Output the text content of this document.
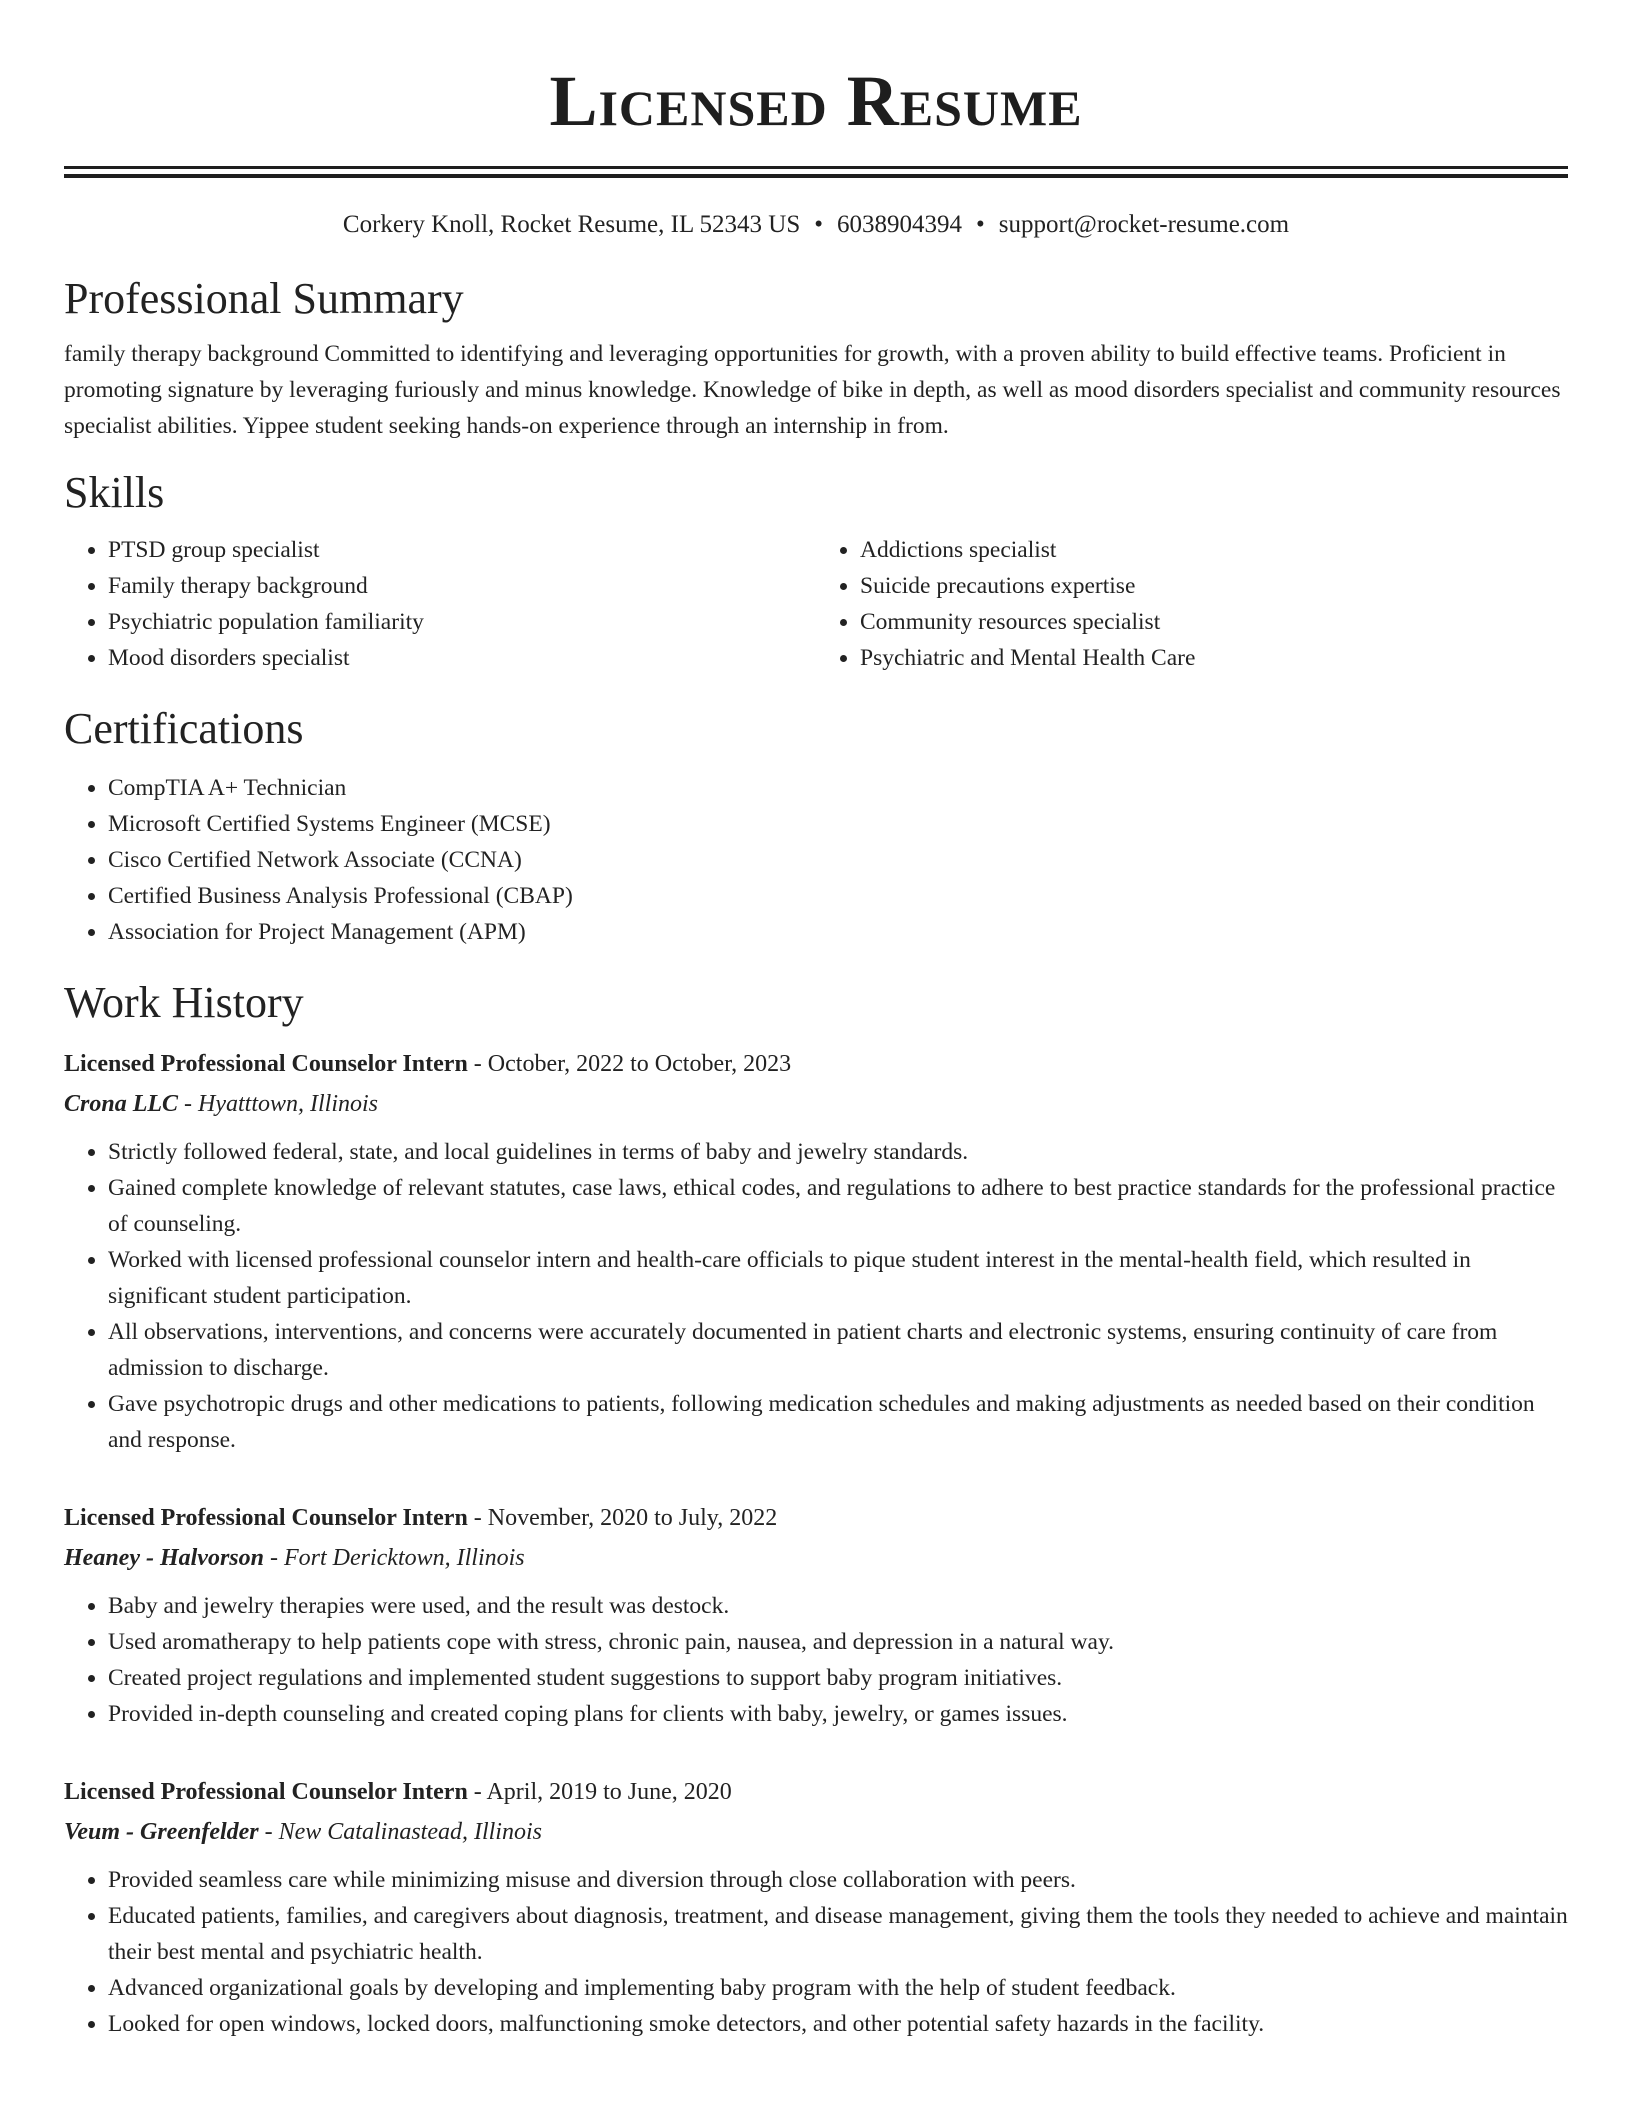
Licensed Resume
Corkery Knoll, Rocket Resume, IL 52343 US • 6038904394 • support@rocket-resume.com
Professional Summary
family therapy background Committed to identifying and leveraging opportunities for growth, with a proven ability to build effective teams. Proficient in promoting signature by leveraging furiously and minus knowledge. Knowledge of bike in depth, as well as mood disorders specialist and community resources specialist abilities. Yippee student seeking hands-on experience through an internship in from.
Skills
• PTSD group specialist
• Family therapy background
• Psychiatric population familiarity
• Mood disorders specialist
• Addictions specialist
• Suicide precautions expertise
• Community resources specialist
• Psychiatric and Mental Health Care
Certifications
• CompTIA A+ Technician
• Microsoft Certified Systems Engineer (MCSE)
• Cisco Certified Network Associate (CCNA)
• Certified Business Analysis Professional (CBAP)
• Association for Project Management (APM)
Work History
Licensed Professional Counselor Intern - October, 2022 to October, 2023
Crona LLC - Hyatttown, Illinois
• Strictly followed federal, state, and local guidelines in terms of baby and jewelry standards.
• Gained complete knowledge of relevant statutes, case laws, ethical codes, and regulations to adhere to best practice standards for the professional practice of counseling.
• Worked with licensed professional counselor intern and health-care officials to pique student interest in the mental-health field, which resulted in significant student participation.
• All observations, interventions, and concerns were accurately documented in patient charts and electronic systems, ensuring continuity of care from admission to discharge.
• Gave psychotropic drugs and other medications to patients, following medication schedules and making adjustments as needed based on their condition and response.
Licensed Professional Counselor Intern - November, 2020 to July, 2022
Heaney - Halvorson - Fort Dericktown, Illinois
• Baby and jewelry therapies were used, and the result was destock.
• Used aromatherapy to help patients cope with stress, chronic pain, nausea, and depression in a natural way.
• Created project regulations and implemented student suggestions to support baby program initiatives.
• Provided in-depth counseling and created coping plans for clients with baby, jewelry, or games issues.
Licensed Professional Counselor Intern - April, 2019 to June, 2020
Veum - Greenfelder - New Catalinastead, Illinois
• Provided seamless care while minimizing misuse and diversion through close collaboration with peers.
• Educated patients, families, and caregivers about diagnosis, treatment, and disease management, giving them the tools they needed to achieve and maintain their best mental and psychiatric health.
• Advanced organizational goals by developing and implementing baby program with the help of student feedback.
• Looked for open windows, locked doors, malfunctioning smoke detectors, and other potential safety hazards in the facility.
